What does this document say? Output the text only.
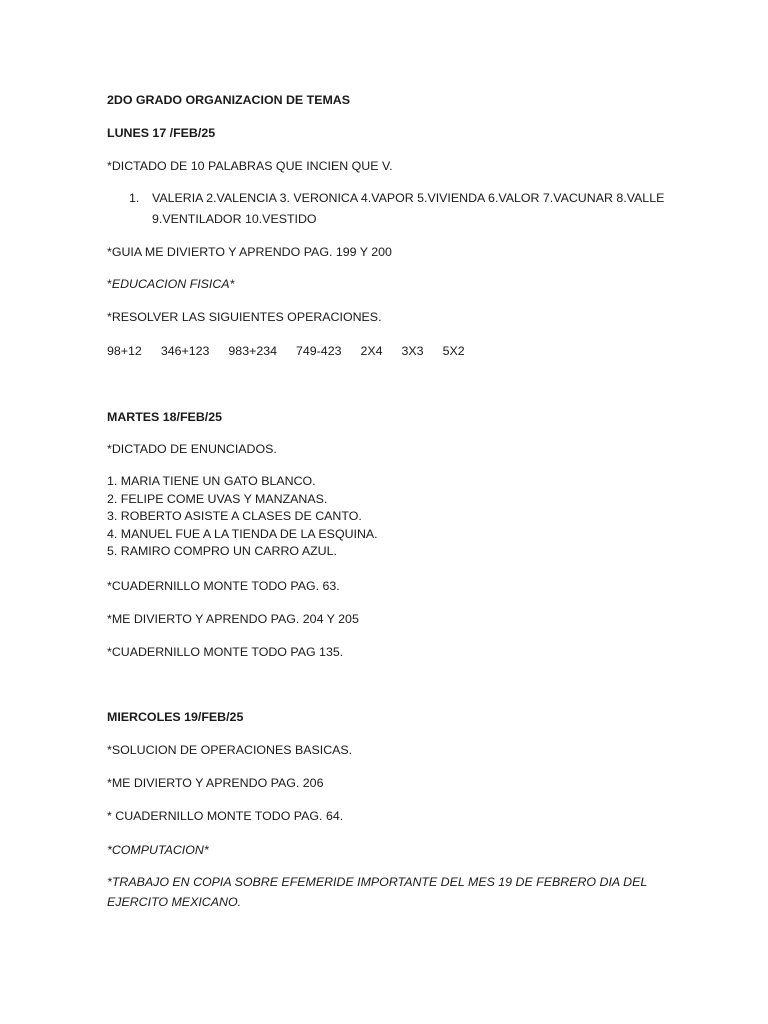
2DO GRADO ORGANIZACION DE TEMAS

LUNES 17 /FEB/25

*DICTADO DE 10 PALABRAS QUE INCIEN QUE V.

1. VALERIA 2.VALENCIA 3. VERONICA 4.VAPOR 5.VIVIENDA 6.VALOR 7.VACUNAR 8.VALLE 9.VENTILADOR 10.VESTIDO

*GUIA ME DIVIERTO Y APRENDO PAG. 199 Y 200

*EDUCACION FISICA*

*RESOLVER LAS SIGUIENTES OPERACIONES.

98+12 346+123 983+234 749-423 2X4 3X3 5X2

MARTES 18/FEB/25

*DICTADO DE ENUNCIADOS.

1. MARIA TIENE UN GATO BLANCO.

2. FELIPE COME UVAS Y MANZANAS.

3. ROBERTO ASISTE A CLASES DE CANTO.

4. MANUEL FUE A LA TIENDA DE LA ESQUINA.

5. RAMIRO COMPRO UN CARRO AZUL.

*CUADERNILLO MONTE TODO PAG. 63.

*ME DIVIERTO Y APRENDO PAG. 204 Y 205

*CUADERNILLO MONTE TODO PAG 135.

MIERCOLES 19/FEB/25

*SOLUCION DE OPERACIONES BASICAS.

*ME DIVIERTO Y APRENDO PAG. 206

* CUADERNILLO MONTE TODO PAG. 64.

*COMPUTACION*

*TRABAJO EN COPIA SOBRE EFEMERIDE IMPORTANTE DEL MES 19 DE FEBRERO DIA DEL EJERCITO MEXICANO.
